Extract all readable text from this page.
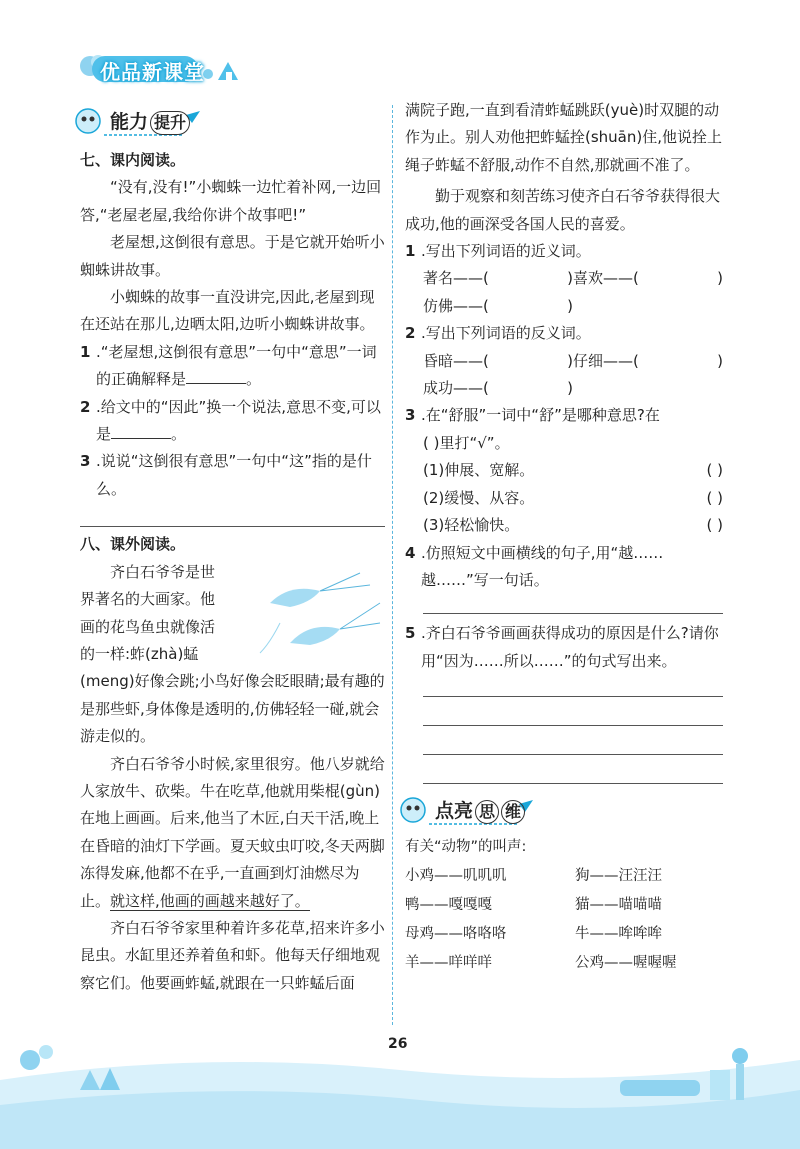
优品新课堂
能力 提升

七、课内阅读。

“没有,没有!”小蜘蛛一边忙着补网,一边回答,“老屋老屋,我给你讲个故事吧!”

老屋想,这倒很有意思。于是它就开始听小蜘蛛讲故事。

小蜘蛛的故事一直没讲完,因此,老屋到现在还站在那儿,边晒太阳,边听小蜘蛛讲故事。

1 .“老屋想,这倒很有意思”一句中“意思”一词的正确解释是	。
2 .给文中的“因此”换一个说法,意思不变,可以是	。
3 .说说“这倒很有意思”一句中“这”指的是什么。

八、课外阅读。

齐白石爷爷是世

界著名的大画家。他

画的花鸟鱼虫就像活

的一样:蚱(zhà)蜢

(meng)好像会跳;小鸟好像会眨眼睛;最有趣的是那些虾,身体像是透明的,仿佛轻轻一碰,就会游走似的。

齐白石爷爷小时候,家里很穷。他八岁就给人家放牛、砍柴。牛在吃草,他就用柴棍(gùn)在地上画画。后来,他当了木匠,白天干活,晚上在昏暗的油灯下学画。夏天蚊虫叮咬,冬天两脚冻得发麻,他都不在乎,一直画到灯油燃尽为止。就这样,他画的画越来越好了。

齐白石爷爷家里种着许多花草,招来许多小昆虫。水缸里还养着鱼和虾。他每天仔细地观察它们。他要画蚱蜢,就跟在一只蚱蜢后面

满院子跑,一直到看清蚱蜢跳跃(yuè)时双腿的动作为止。别人劝他把蚱蜢拴(shuān)住,他说拴上绳子蚱蜢不舒服,动作不自然,那就画不准了。

勤于观察和刻苦练习使齐白石爷爷获得很大成功,他的画深受各国人民的喜爱。

1 .写出下列词语的近义词。
著名——(	) 喜欢——(	)
仿佛——(	)
2 .写出下列词语的反义词。
昏暗——(	) 仔细——(	)
成功——(	)
3 .在“舒服”一词中“舒”是哪种意思?在

( )里打“√”。

(1)伸展、宽解。	( )
(2)缓慢、从容。	( )
(3)轻松愉快。	( )
4 .仿照短文中画横线的句子,用“越……越……”写一句话。
5 .齐白石爷爷画画获得成功的原因是什么?请你用“因为……所以……”的句式写出来。
点亮 思 维

有关“动物”的叫声:

小鸡——叽叽叽	狗——汪汪汪
鸭——嘎嘎嘎	猫——喵喵喵
母鸡——咯咯咯	牛——哞哞哞
羊——咩咩咩	公鸡——喔喔喔
26
